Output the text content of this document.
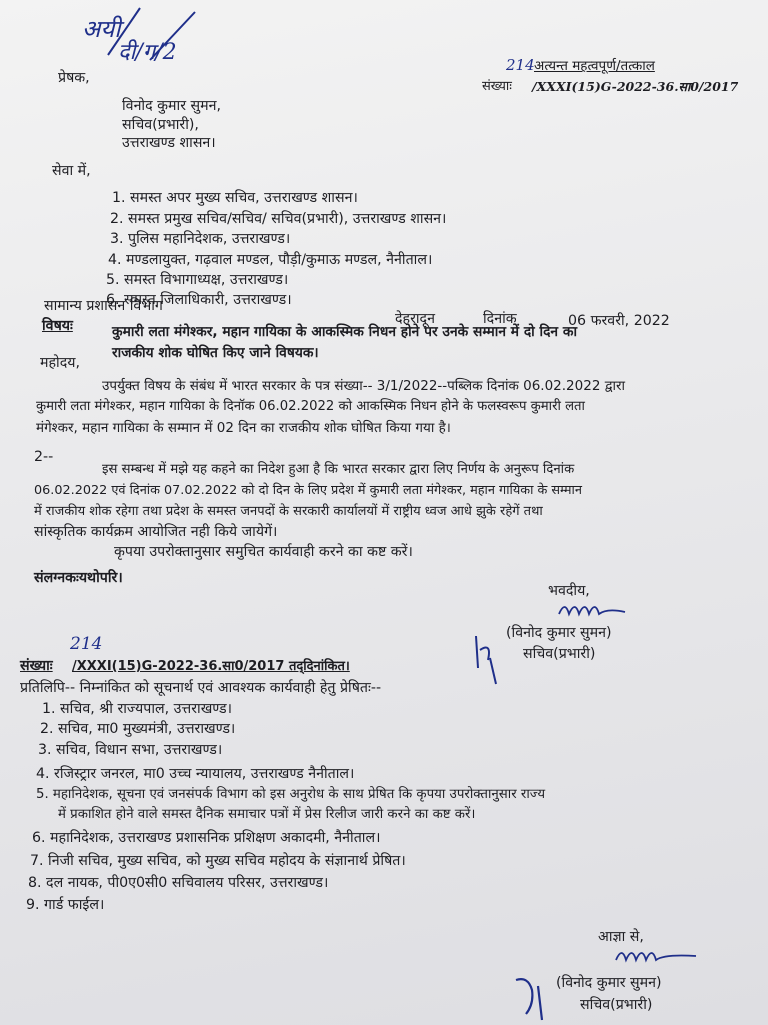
अयी
दी/ग/2	214 अत्यन्त महत्वपूर्ण/तत्काल
संख्याः /XXXI(15)G-2022-36.सा0/2017
प्रेषक,
विनोद कुमार सुमन,
सचिव(प्रभारी),
उत्तराखण्ड शासन।
सेवा में,
1. समस्त अपर मुख्य सचिव, उत्तराखण्ड शासन।
2. समस्त प्रमुख सचिव/सचिव/ सचिव(प्रभारी), उत्तराखण्ड शासन।
3. पुलिस महानिदेशक, उत्तराखण्ड।
4. मण्डलायुक्त, गढ़वाल मण्डल, पौड़ी/कुमाऊ मण्डल, नैनीताल।
5. समस्त विभागाध्यक्ष, उत्तराखण्ड।
6. समस्त जिलाधिकारी, उत्तराखण्ड।
सामान्य प्रशासन विभाग
देहरादून	दिनांक	06 फरवरी, 2022
विषयः	कुमारी लता मंगेश्कर, महान गायिका के आकस्मिक निधन होने पर उनके सम्मान में दो दिन का
राजकीय शोक घोषित किए जाने विषयक।
महोदय,
उपर्युक्त विषय के संबंध में भारत सरकार के पत्र संख्या-- 3/1/2022--पब्लिक दिनांक 06.02.2022 द्वारा
कुमारी लता मंगेश्कर, महान गायिका के दिनॉक 06.02.2022 को आकस्मिक निधन होने के फलस्वरूप कुमारी लता
मंगेश्कर, महान गायिका के सम्मान में 02 दिन का राजकीय शोक घोषित किया गया है।
2--
इस सम्बन्ध में मझे यह कहने का निदेश हुआ है कि भारत सरकार द्वारा लिए निर्णय के अनुरूप दिनांक
06.02.2022 एवं दिनांक 07.02.2022 को दो दिन के लिए प्रदेश में कुमारी लता मंगेश्कर, महान गायिका के सम्मान
में राजकीय शोक रहेगा तथा प्रदेश के समस्त जनपदों के सरकारी कार्यालयों में राष्ट्रीय ध्वज आधे झुके रहेगें तथा
सांस्कृतिक कार्यक्रम आयोजित नही किये जायेगें।
कृपया उपरोक्तानुसार समुचित कार्यवाही करने का कष्ट करें।
संलग्नकःयथोपरि।
भवदीय,
(विनोद कुमार सुमन)
सचिव(प्रभारी)
214
संख्याः /XXXI(15)G-2022-36.सा0/2017 तद्‌दिनांकित।
प्रतिलिपि-- निम्नांकित को सूचनार्थ एवं आवश्यक कार्यवाही हेतु प्रेषितः--
1. सचिव, श्री राज्यपाल, उत्तराखण्ड।
2. सचिव, मा0 मुख्यमंत्री, उत्तराखण्ड।
3. सचिव, विधान सभा, उत्तराखण्ड।
4. रजिस्ट्रार जनरल, मा0 उच्च न्यायालय, उत्तराखण्ड नैनीताल।
5. महानिदेशक, सूचना एवं जनसंपर्क विभाग को इस अनुरोध के साथ प्रेषित कि कृपया उपरोक्तानुसार राज्य
में प्रकाशित होने वाले समस्त दैनिक समाचार पत्रों में प्रेस रिलीज जारी करने का कष्ट करें।
6. महानिदेशक, उत्तराखण्ड प्रशासनिक प्रशिक्षण अकादमी, नैनीताल।
7. निजी सचिव, मुख्य सचिव, को मुख्य सचिव महोदय के संज्ञानार्थ प्रेषित।
8. दल नायक, पी0ए0सी0 सचिवालय परिसर, उत्तराखण्ड।
9. गार्ड फाईल।
आज्ञा से,
(विनोद कुमार सुमन)
सचिव(प्रभारी)
